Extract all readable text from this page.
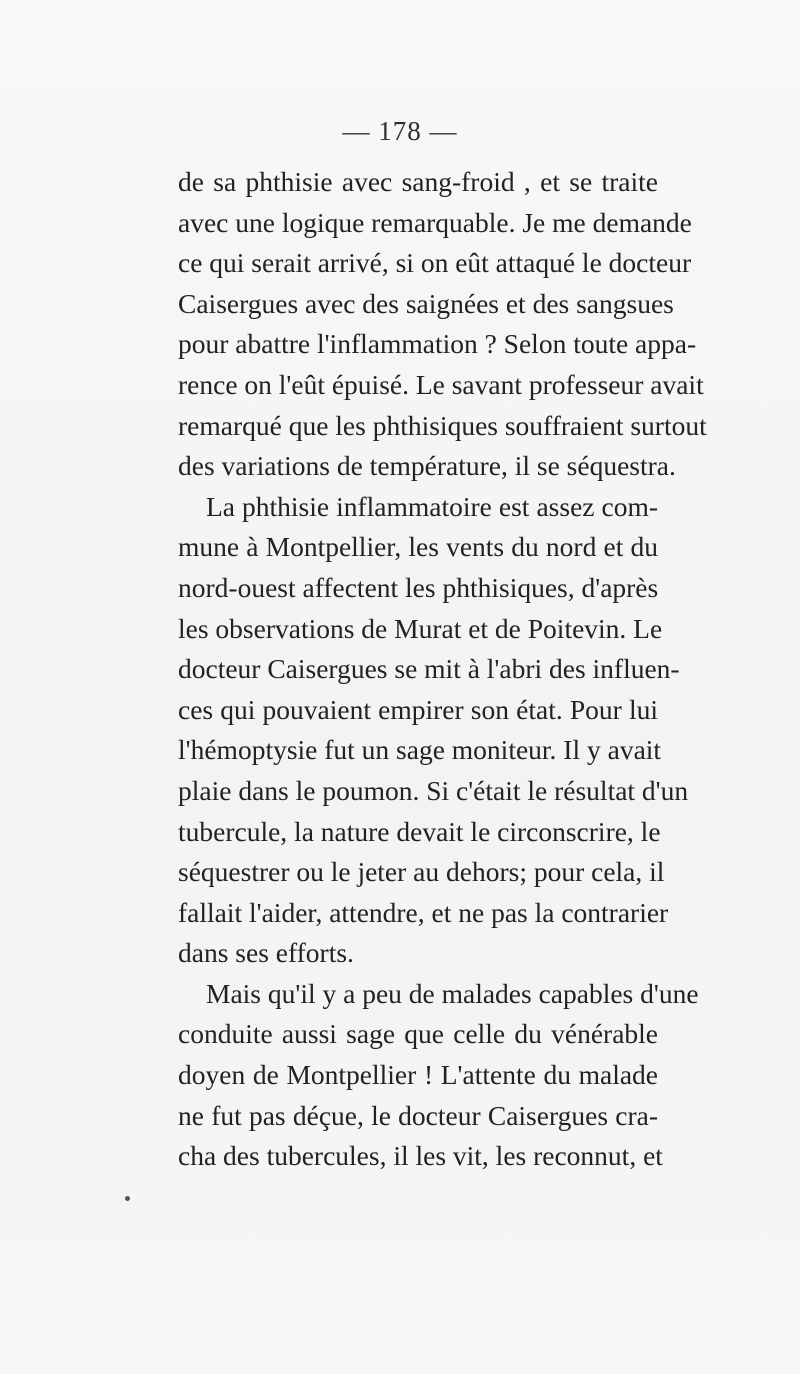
— 178 —
de sa phthisie avec sang-froid , et se traite
avec une logique remarquable. Je me demande
ce qui serait arrivé, si on eût attaqué le docteur
Caisergues avec des saignées et des sangsues
pour abattre l'inflammation ? Selon toute appa-
rence on l'eût épuisé. Le savant professeur avait
remarqué que les phthisiques souffraient surtout
des variations de température, il se séquestra.
La phthisie inflammatoire est assez com-
mune à Montpellier, les vents du nord et du
nord-ouest affectent les phthisiques, d'après
les observations de Murat et de Poitevin. Le
docteur Caisergues se mit à l'abri des influen-
ces qui pouvaient empirer son état. Pour lui
l'hémoptysie fut un sage moniteur. Il y avait
plaie dans le poumon. Si c'était le résultat d'un
tubercule, la nature devait le circonscrire, le
séquestrer ou le jeter au dehors; pour cela, il
fallait l'aider, attendre, et ne pas la contrarier
dans ses efforts.
Mais qu'il y a peu de malades capables d'une
conduite aussi sage que celle du vénérable
doyen de Montpellier ! L'attente du malade
ne fut pas déçue, le docteur Caisergues cra-
cha des tubercules, il les vit, les reconnut, et
